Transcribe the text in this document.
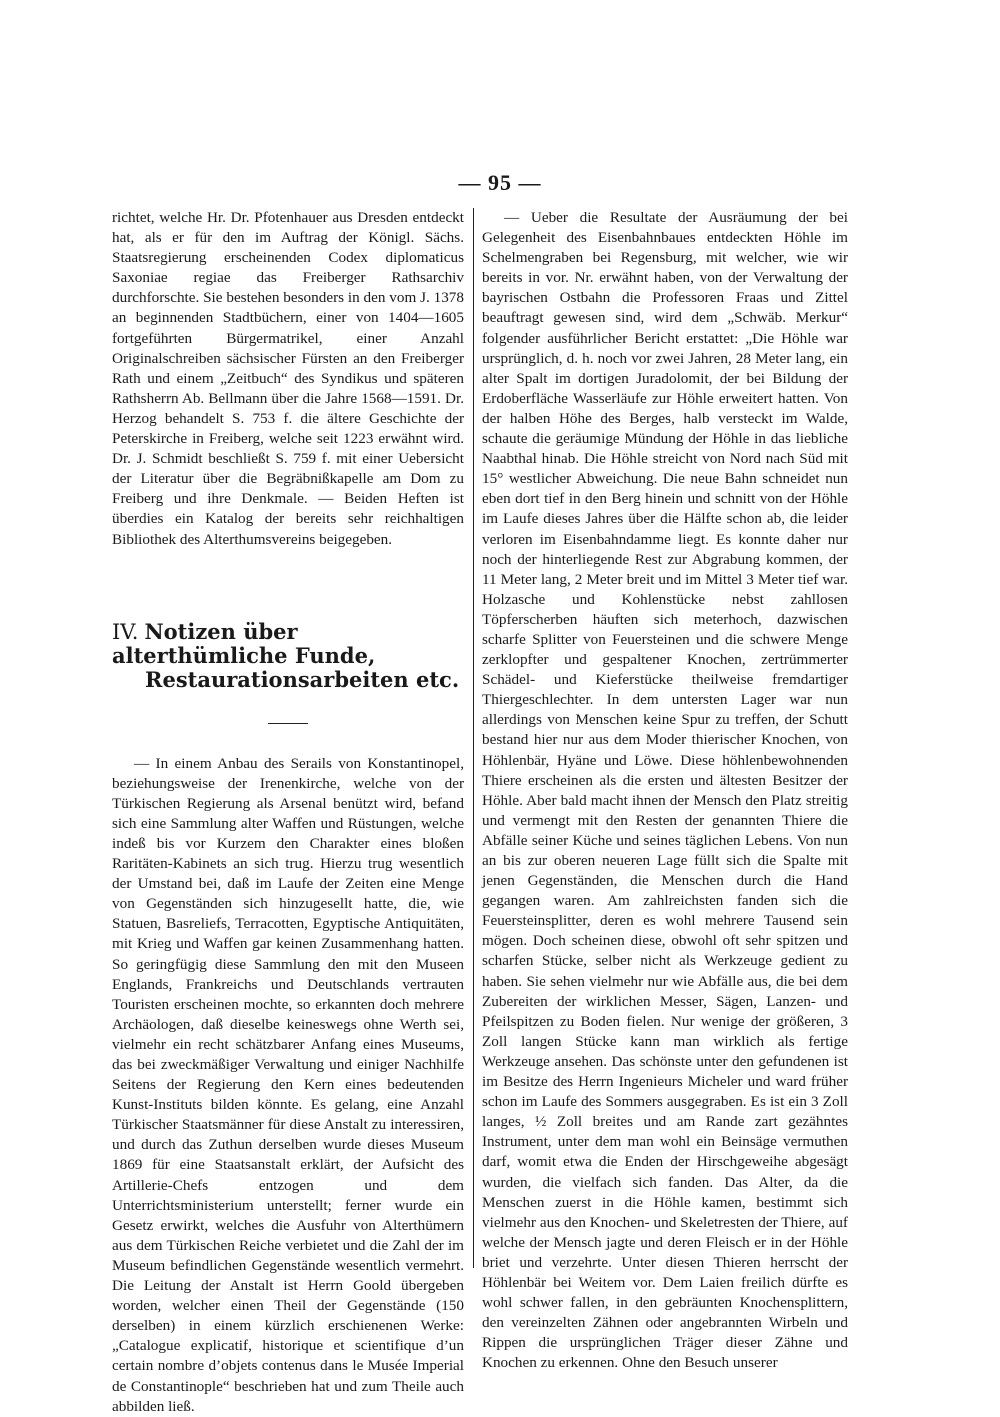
— 95 —

richtet, welche Hr. Dr. Pfotenhauer aus Dresden entdeckt hat, als er für den im Auftrag der Königl. Sächs. Staatsregierung erscheinenden Codex diplomaticus Saxoniae regiae das Freiberger Rathsarchiv durchforschte. Sie bestehen besonders in den vom J. 1378 an beginnenden Stadtbüchern, einer von 1404—1605 fortgeführten Bürgermatrikel, einer Anzahl Originalschreiben sächsischer Fürsten an den Freiberger Rath und einem „Zeitbuch“ des Syndikus und späteren Rathsherrn Ab. Bellmann über die Jahre 1568—1591. Dr. Herzog behandelt S. 753 f. die ältere Geschichte der Peterskirche in Freiberg, welche seit 1223 erwähnt wird. Dr. J. Schmidt beschließt S. 759 f. mit einer Uebersicht der Literatur über die Begräbnißkapelle am Dom zu Freiberg und ihre Denkmale. — Beiden Heften ist überdies ein Katalog der bereits sehr reichhaltigen Bibliothek des Alterthumsvereins beigegeben.

IV. Notizen über alterthümliche Funde,
Restaurationsarbeiten etc.

— In einem Anbau des Serails von Konstantinopel, beziehungsweise der Irenenkirche, welche von der Türkischen Regierung als Arsenal benützt wird, befand sich eine Sammlung alter Waffen und Rüstungen, welche indeß bis vor Kurzem den Charakter eines bloßen Raritäten-Kabinets an sich trug. Hierzu trug wesentlich der Umstand bei, daß im Laufe der Zeiten eine Menge von Gegenständen sich hinzugesellt hatte, die, wie Statuen, Basreliefs, Terracotten, Egyptische Antiquitäten, mit Krieg und Waffen gar keinen Zusammenhang hatten. So geringfügig diese Sammlung den mit den Museen Englands, Frankreichs und Deutschlands vertrauten Touristen erscheinen mochte, so erkannten doch mehrere Archäologen, daß dieselbe keineswegs ohne Werth sei, vielmehr ein recht schätzbarer Anfang eines Museums, das bei zweckmäßiger Verwaltung und einiger Nachhilfe Seitens der Regierung den Kern eines bedeutenden Kunst-Instituts bilden könnte. Es gelang, eine Anzahl Türkischer Staatsmänner für diese Anstalt zu interessiren, und durch das Zuthun derselben wurde dieses Museum 1869 für eine Staatsanstalt erklärt, der Aufsicht des Artillerie-Chefs entzogen und dem Unterrichtsministerium unterstellt; ferner wurde ein Gesetz erwirkt, welches die Ausfuhr von Alterthümern aus dem Türkischen Reiche verbietet und die Zahl der im Museum befindlichen Gegenstände wesentlich vermehrt. Die Leitung der Anstalt ist Herrn Goold übergeben worden, welcher einen Theil der Gegenstände (150 derselben) in einem kürzlich erschienenen Werke: „Catalogue explicatif, historique et scientifique d’un certain nombre d’objets contenus dans le Musée Imperial de Constantinople“ beschrieben hat und zum Theile auch abbilden ließ.

— Ueber die Resultate der Ausräumung der bei Gelegenheit des Eisenbahnbaues entdeckten Höhle im Schelmengraben bei Regensburg, mit welcher, wie wir bereits in vor. Nr. erwähnt haben, von der Verwaltung der bayrischen Ostbahn die Professoren Fraas und Zittel beauftragt gewesen sind, wird dem „Schwäb. Merkur“ folgender ausführlicher Bericht erstattet: „Die Höhle war ursprünglich, d. h. noch vor zwei Jahren, 28 Meter lang, ein alter Spalt im dortigen Juradolomit, der bei Bildung der Erdoberfläche Wasserläufe zur Höhle erweitert hatten. Von der halben Höhe des Berges, halb versteckt im Walde, schaute die geräumige Mündung der Höhle in das liebliche Naabthal hinab. Die Höhle streicht von Nord nach Süd mit 15° westlicher Abweichung. Die neue Bahn schneidet nun eben dort tief in den Berg hinein und schnitt von der Höhle im Laufe dieses Jahres über die Hälfte schon ab, die leider verloren im Eisenbahndamme liegt. Es konnte daher nur noch der hinterliegende Rest zur Abgrabung kommen, der 11 Meter lang, 2 Meter breit und im Mittel 3 Meter tief war. Holzasche und Kohlenstücke nebst zahllosen Töpferscherben häuften sich meterhoch, dazwischen scharfe Splitter von Feuersteinen und die schwere Menge zerklopfter und gespaltener Knochen, zertrümmerter Schädel- und Kieferstücke theilweise fremdartiger Thiergeschlechter. In dem untersten Lager war nun allerdings von Menschen keine Spur zu treffen, der Schutt bestand hier nur aus dem Moder thierischer Knochen, von Höhlenbär, Hyäne und Löwe. Diese höhlenbewohnenden Thiere erscheinen als die ersten und ältesten Besitzer der Höhle. Aber bald macht ihnen der Mensch den Platz streitig und vermengt mit den Resten der genannten Thiere die Abfälle seiner Küche und seines täglichen Lebens. Von nun an bis zur oberen neueren Lage füllt sich die Spalte mit jenen Gegenständen, die Menschen durch die Hand gegangen waren. Am zahlreichsten fanden sich die Feuersteinsplitter, deren es wohl mehrere Tausend sein mögen. Doch scheinen diese, obwohl oft sehr spitzen und scharfen Stücke, selber nicht als Werkzeuge gedient zu haben. Sie sehen vielmehr nur wie Abfälle aus, die bei dem Zubereiten der wirklichen Messer, Sägen, Lanzen- und Pfeilspitzen zu Boden fielen. Nur wenige der größeren, 3 Zoll langen Stücke kann man wirklich als fertige Werkzeuge ansehen. Das schönste unter den gefundenen ist im Besitze des Herrn Ingenieurs Micheler und ward früher schon im Laufe des Sommers ausgegraben. Es ist ein 3 Zoll langes, ½ Zoll breites und am Rande zart gezähntes Instrument, unter dem man wohl ein Beinsäge vermuthen darf, womit etwa die Enden der Hirschgeweihe abgesägt wurden, die vielfach sich fanden. Das Alter, da die Menschen zuerst in die Höhle kamen, bestimmt sich vielmehr aus den Knochen- und Skeletresten der Thiere, auf welche der Mensch jagte und deren Fleisch er in der Höhle briet und verzehrte. Unter diesen Thieren herrscht der Höhlenbär bei Weitem vor. Dem Laien freilich dürfte es wohl schwer fallen, in den gebräunten Knochensplittern, den vereinzelten Zähnen oder angebrannten Wirbeln und Rippen die ursprünglichen Träger dieser Zähne und Knochen zu erkennen. Ohne den Besuch unserer
